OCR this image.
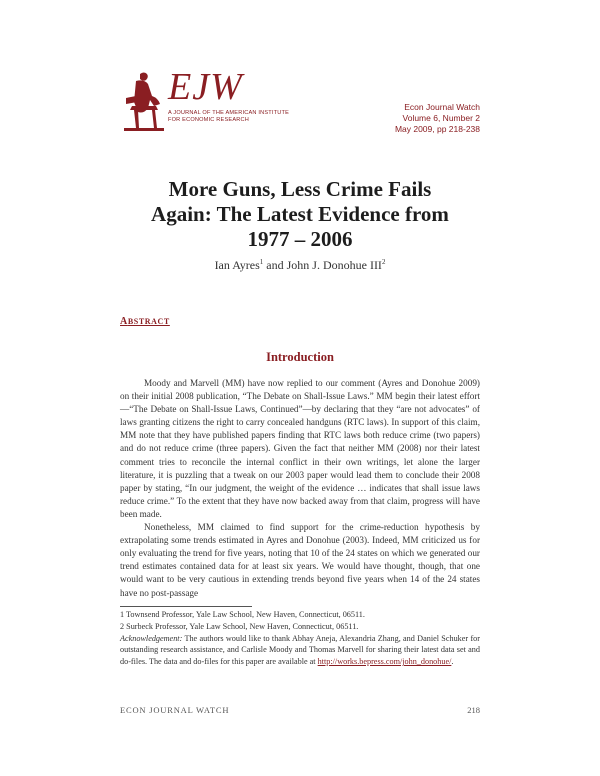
EJW
A JOURNAL OF THE AMERICAN INSTITUTE
FOR ECONOMIC RESEARCH
Econ Journal Watch
Volume 6, Number 2
May 2009, pp 218-238
More Guns, Less Crime Fails
Again: The Latest Evidence from
1977 – 2006
Ian Ayres$^1$ and John J. Donohue III$^2$
ABSTRACT
Introduction

Moody and Marvell (MM) have now replied to our comment (Ayres and Donohue 2009) on their initial 2008 publication, “The Debate on Shall-Issue Laws.” MM begin their latest effort—“The Debate on Shall-Issue Laws, Continued”—by declaring that they “are not advocates” of laws granting citizens the right to carry concealed handguns (RTC laws). In support of this claim, MM note that they have published papers finding that RTC laws both reduce crime (two papers) and do not reduce crime (three papers). Given the fact that neither MM (2008) nor their latest comment tries to reconcile the internal conflict in their own writings, let alone the larger literature, it is puzzling that a tweak on our 2003 paper would lead them to conclude their 2008 paper by stating, “In our judgment, the weight of the evidence … indicates that shall issue laws reduce crime.” To the extent that they have now backed away from that claim, progress will have been made.

Nonetheless, MM claimed to find support for the crime-reduction hypothesis by extrapolating some trends estimated in Ayres and Donohue (2003). Indeed, MM criticized us for only evaluating the trend for five years, noting that 10 of the 24 states on which we generated our trend estimates contained data for at least six years. We would have thought, though, that one would want to be very cautious in extending trends beyond five years when 14 of the 24 states have no post-passage

1 Townsend Professor, Yale Law School, New Haven, Connecticut, 06511.

2 Surbeck Professor, Yale Law School, New Haven, Connecticut, 06511.

Acknowledgement: The authors would like to thank Abhay Aneja, Alexandria Zhang, and Daniel Schuker for outstanding research assistance, and Carlisle Moody and Thomas Marvell for sharing their latest data set and do-files. The data and do-files for this paper are available at http://works.bepress.com/john_donohue/.

ECON JOURNAL WATCH	218
